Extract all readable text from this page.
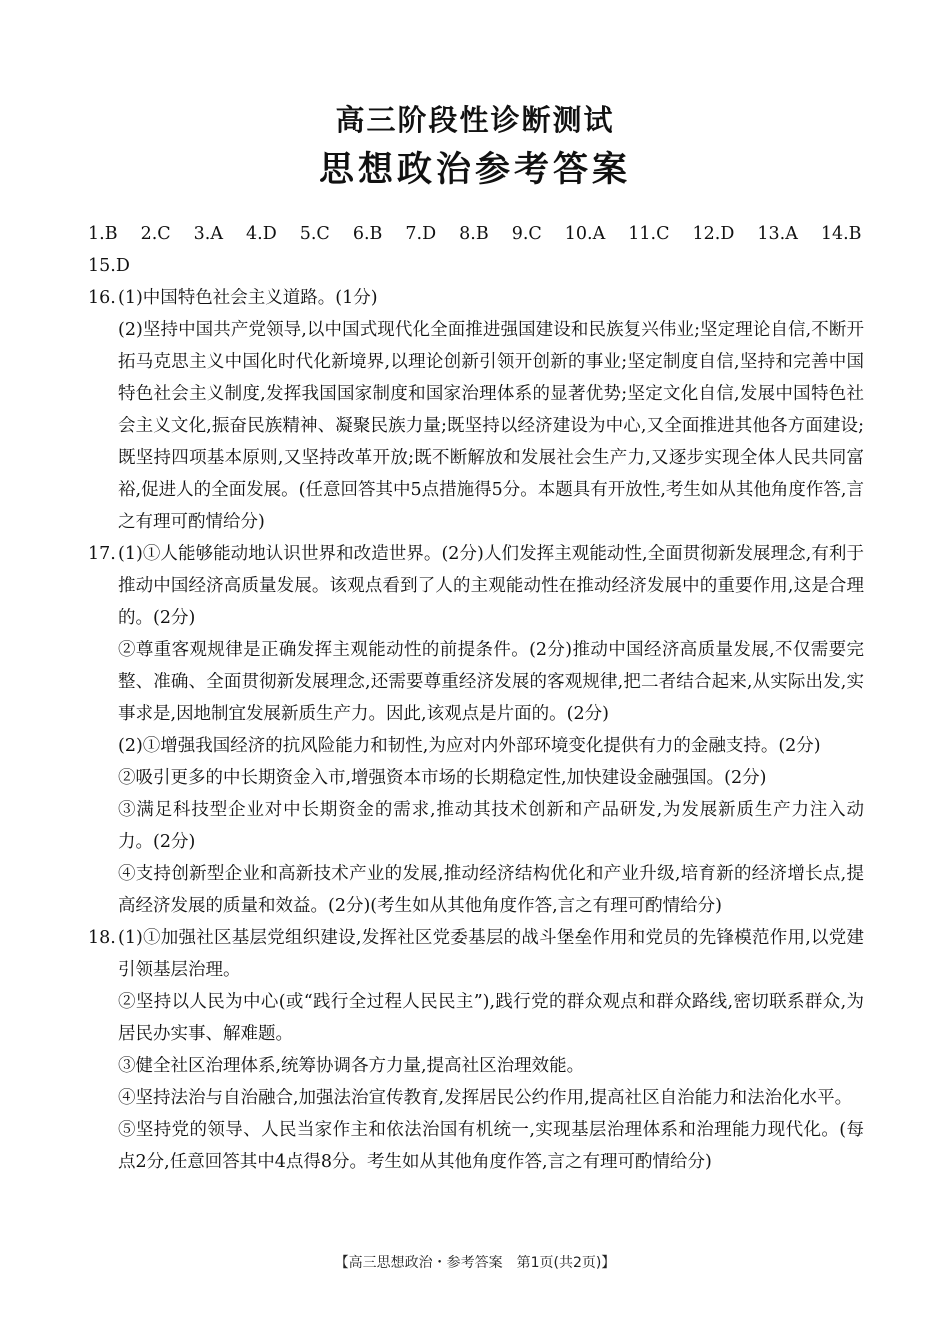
高三阶段性诊断测试
思想政治参考答案
1.B 2.C 3.A 4.D 5.C 6.B 7.D 8.B 9.C 10.A 11.C 12.D 13.A 14.B
15.D
16. (1)中国特色社会主义道路。(1分)
(2)坚持中国共产党领导,以中国式现代化全面推进强国建设和民族复兴伟业;坚定理论自信,不断开拓马克思主义中国化时代化新境界,以理论创新引领开创新的事业;坚定制度自信,坚持和完善中国特色社会主义制度,发挥我国国家制度和国家治理体系的显著优势;坚定文化自信,发展中国特色社会主义文化,振奋民族精神、凝聚民族力量;既坚持以经济建设为中心,又全面推进其他各方面建设;既坚持四项基本原则,又坚持改革开放;既不断解放和发展社会生产力,又逐步实现全体人民共同富裕,促进人的全面发展。(任意回答其中5点措施得5分。本题具有开放性,考生如从其他角度作答,言之有理可酌情给分)
17. (1)①人能够能动地认识世界和改造世界。(2分)人们发挥主观能动性,全面贯彻新发展理念,有利于推动中国经济高质量发展。该观点看到了人的主观能动性在推动经济发展中的重要作用,这是合理的。(2分)
②尊重客观规律是正确发挥主观能动性的前提条件。(2分)推动中国经济高质量发展,不仅需要完整、准确、全面贯彻新发展理念,还需要尊重经济发展的客观规律,把二者结合起来,从实际出发,实事求是,因地制宜发展新质生产力。因此,该观点是片面的。(2分)
(2)①增强我国经济的抗风险能力和韧性,为应对内外部环境变化提供有力的金融支持。(2分)
②吸引更多的中长期资金入市,增强资本市场的长期稳定性,加快建设金融强国。(2分)
③满足科技型企业对中长期资金的需求,推动其技术创新和产品研发,为发展新质生产力注入动力。(2分)
④支持创新型企业和高新技术产业的发展,推动经济结构优化和产业升级,培育新的经济增长点,提高经济发展的质量和效益。(2分)(考生如从其他角度作答,言之有理可酌情给分)
18. (1)①加强社区基层党组织建设,发挥社区党委基层的战斗堡垒作用和党员的先锋模范作用,以党建引领基层治理。
②坚持以人民为中心(或“践行全过程人民民主”),践行党的群众观点和群众路线,密切联系群众,为居民办实事、解难题。
③健全社区治理体系,统筹协调各方力量,提高社区治理效能。
④坚持法治与自治融合,加强法治宣传教育,发挥居民公约作用,提高社区自治能力和法治化水平。
⑤坚持党的领导、人民当家作主和依法治国有机统一,实现基层治理体系和治理能力现代化。(每点2分,任意回答其中4点得8分。考生如从其他角度作答,言之有理可酌情给分)
【高三思想政治・参考答案　第1页(共2页)】
